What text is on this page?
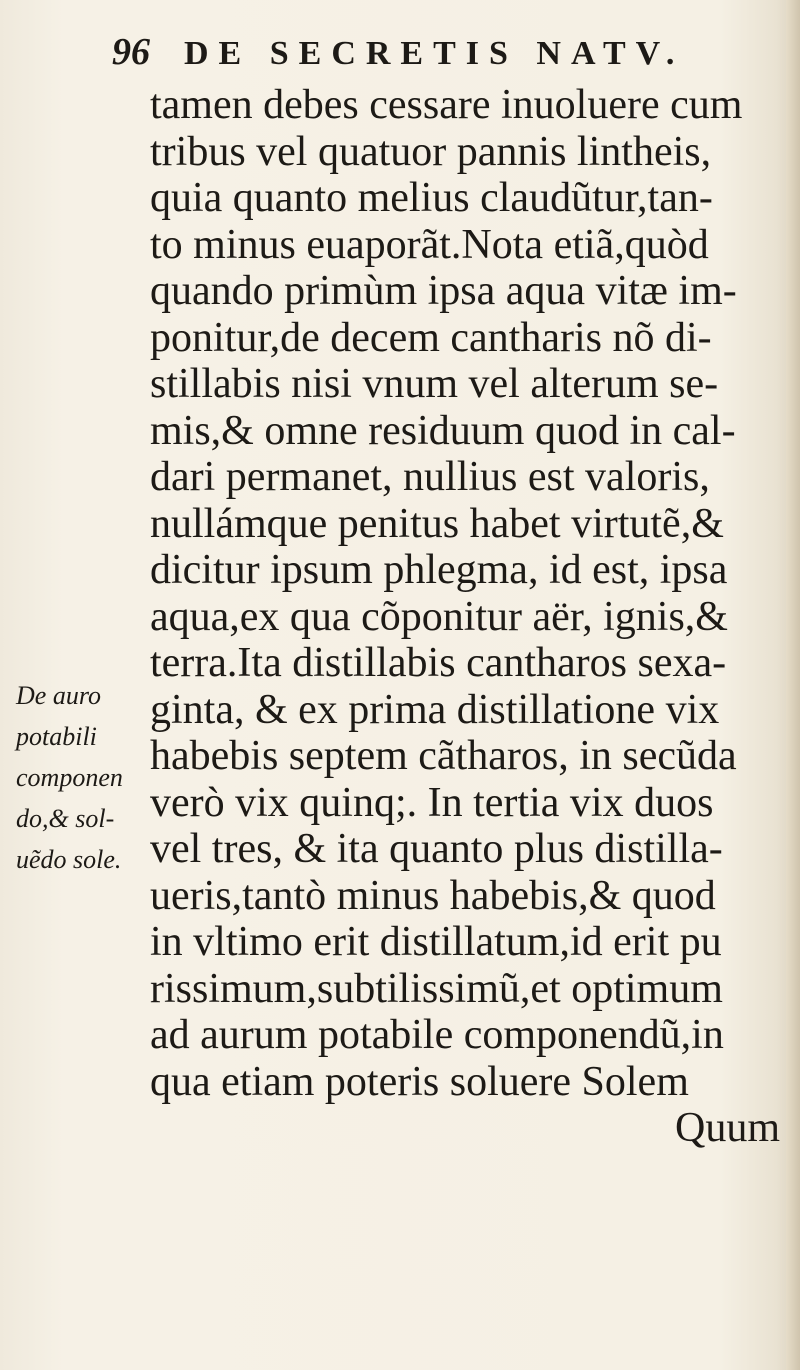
96 DE SECRETIS NATV.
De auro
potabili
componen
do,& sol-
uẽdo sole.
tamen debes cessare inuoluere cum
tribus vel quatuor pannis lintheis,
quia quanto melius claudũtur,tan-
to minus euaporãt.Nota etiã,quòd
quando primùm ipsa aqua vitæ im-
ponitur,de decem cantharis nõ di-
stillabis nisi vnum vel alterum se-
mis,& omne residuum quod in cal-
dari permanet, nullius est valoris,
nullámque penitus habet virtutẽ,&
dicitur ipsum phlegma, id est, ipsa
aqua,ex qua cõponitur aër, ignis,&
terra.Ita distillabis cantharos sexa-
ginta, & ex prima distillatione vix
habebis septem cãtharos, in secũda
verò vix quinq;. In tertia vix duos
vel tres, & ita quanto plus distilla-
ueris,tantò minus habebis,& quod
in vltimo erit distillatum,id erit pu
rissimum,subtilissimũ,et optimum
ad aurum potabile componendũ,in
qua etiam poteris soluere Solem
Quum
